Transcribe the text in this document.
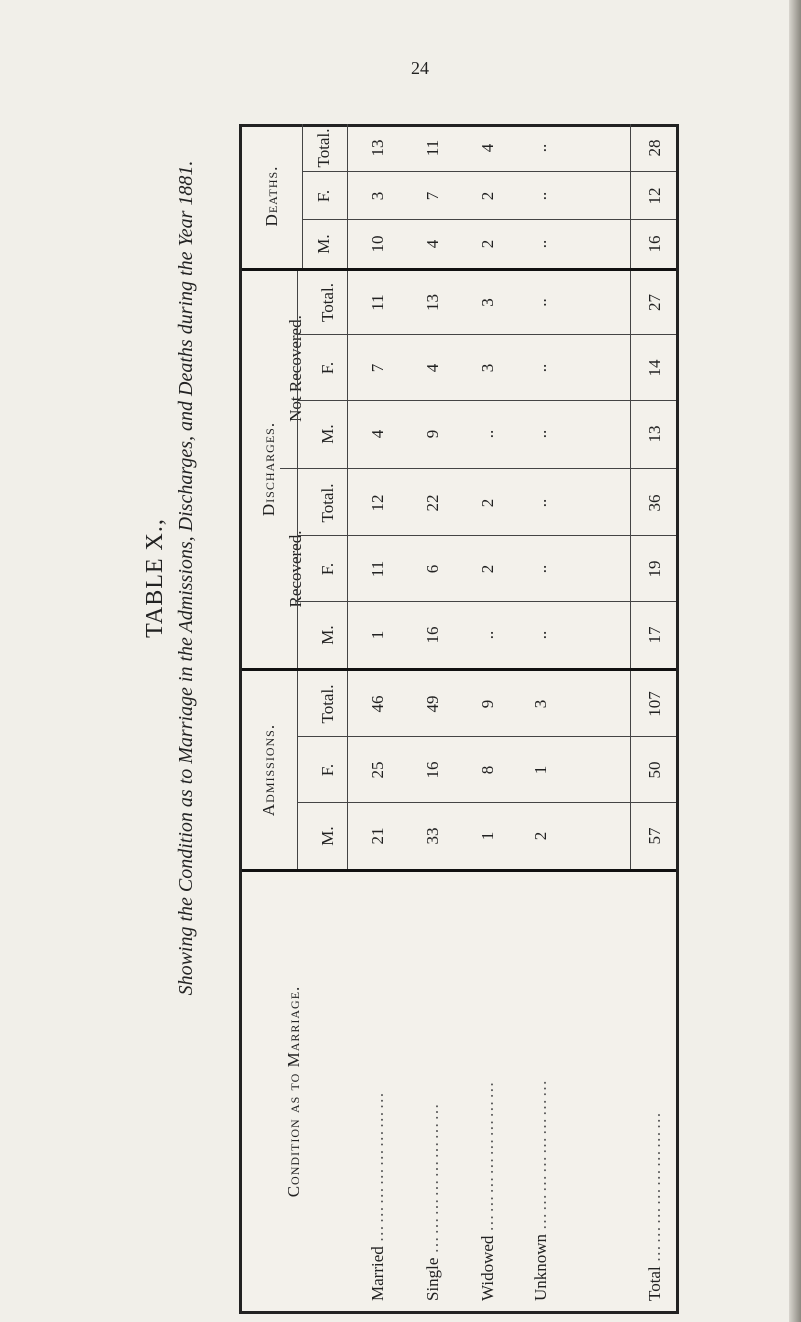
24
TABLE X., Showing the Condition as to Marriage in the Admissions, Discharges, and Deaths during the Year 1881.
Condition as to Marriage.
Admissions.
Discharges.
Recovered.
Not Recovered.
Deaths.
M.
F.
Total.
M.
F.
Total.
M.
F.
Total.
M.
F.
Total.
Married
……………………
21
25
46
1
11
12
4
7
11
10
3
13
Single
……………………
33
16
49
16
6
22
9
4
13
4
7
11
Widowed
……………………
1
8
9
..
2
2
..
3
3
2
2
4
Unknown
……………………
2
1
3
..
..
..
..
..
..
..
..
..
Total
……………………
57
50
107
17
19
36
13
14
27
16
12
28
